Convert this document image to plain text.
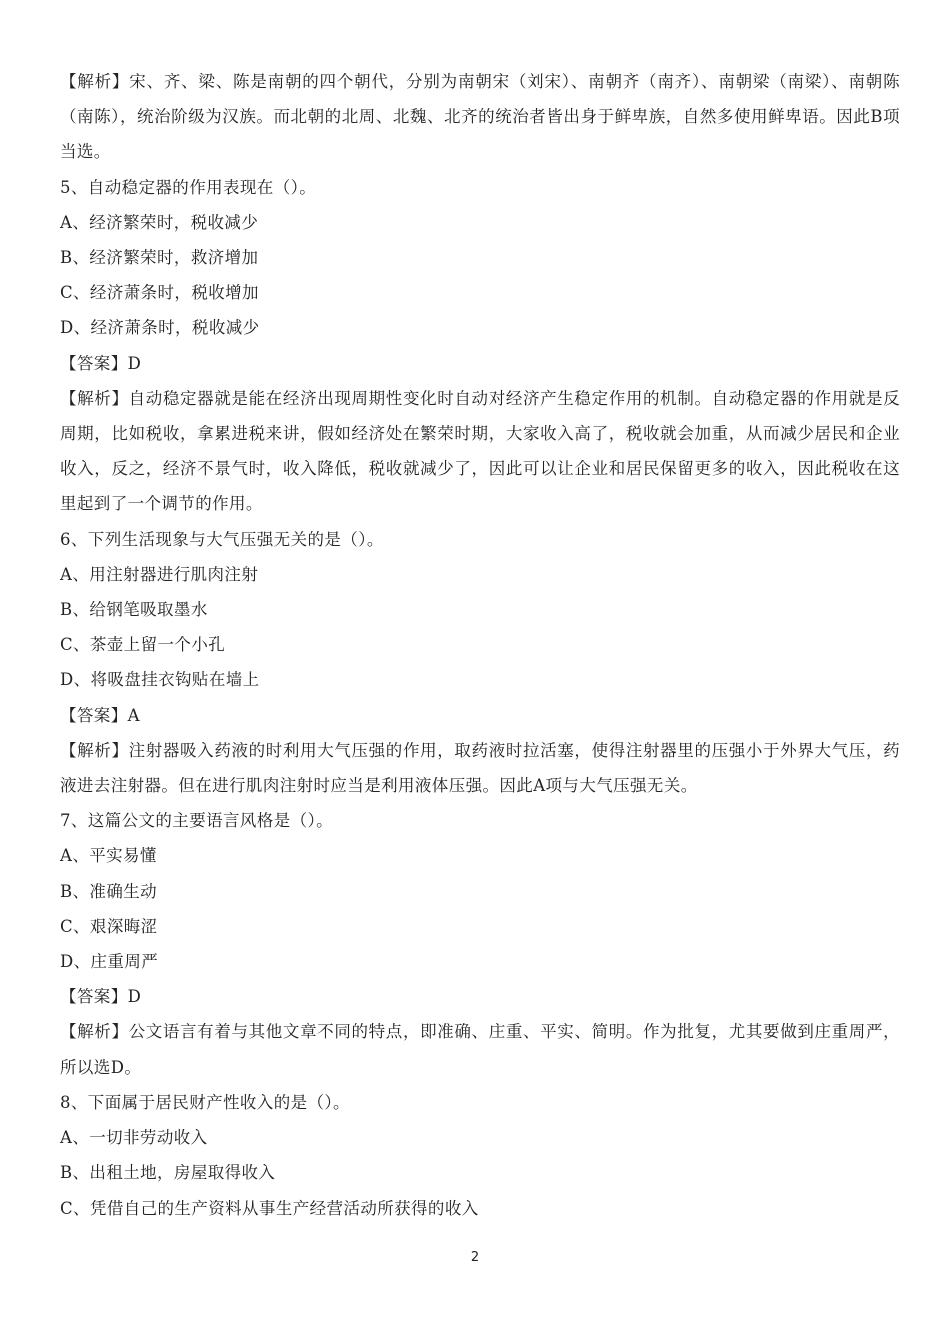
【解析】宋、齐、梁、陈是南朝的四个朝代，分别为南朝宋（刘宋）、南朝齐（南齐）、南朝梁（南梁）、南朝陈（南陈），统治阶级为汉族。而北朝的北周、北魏、北齐的统治者皆出身于鲜卑族，自然多使用鲜卑语。因此B项当选。

5、自动稳定器的作用表现在（）。

A、经济繁荣时，税收减少

B、经济繁荣时，救济增加

C、经济萧条时，税收增加

D、经济萧条时，税收减少

【答案】D

【解析】自动稳定器就是能在经济出现周期性变化时自动对经济产生稳定作用的机制。自动稳定器的作用就是反周期，比如税收，拿累进税来讲，假如经济处在繁荣时期，大家收入高了，税收就会加重，从而减少居民和企业收入，反之，经济不景气时，收入降低，税收就减少了，因此可以让企业和居民保留更多的收入，因此税收在这里起到了一个调节的作用。

6、下列生活现象与大气压强无关的是（）。

A、用注射器进行肌肉注射

B、给钢笔吸取墨水

C、茶壶上留一个小孔

D、将吸盘挂衣钩贴在墙上

【答案】A

【解析】注射器吸入药液的时利用大气压强的作用，取药液时拉活塞，使得注射器里的压强小于外界大气压，药液进去注射器。但在进行肌肉注射时应当是利用液体压强。因此A项与大气压强无关。

7、这篇公文的主要语言风格是（）。

A、平实易懂

B、准确生动

C、艰深晦涩

D、庄重周严

【答案】D

【解析】公文语言有着与其他文章不同的特点，即准确、庄重、平实、简明。作为批复，尤其要做到庄重周严，所以选D。

8、下面属于居民财产性收入的是（）。

A、一切非劳动收入

B、出租土地，房屋取得收入

C、凭借自己的生产资料从事生产经营活动所获得的收入

2
